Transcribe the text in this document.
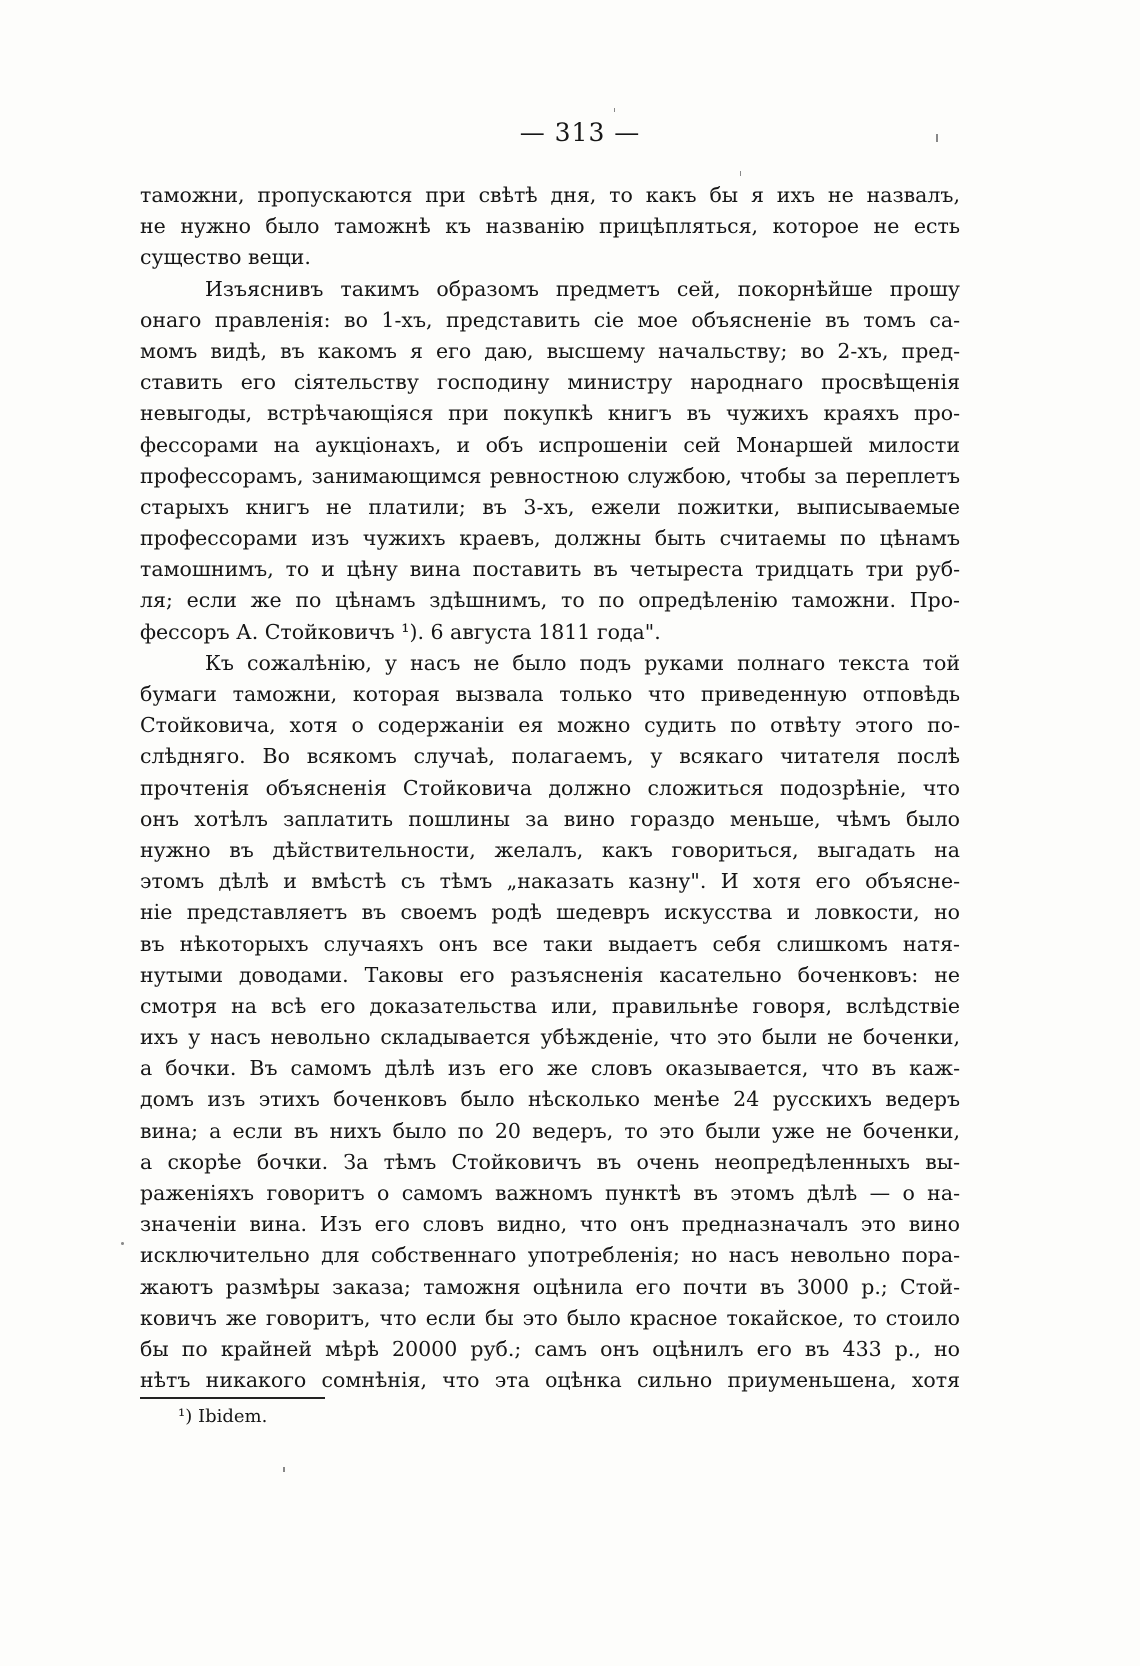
— 313 —
таможни, пропускаются при свѣтѣ дня, то какъ бы я ихъ не назвалъ,
не нужно было таможнѣ къ названію прицѣпляться, которое не есть
существо вещи.
Изъяснивъ такимъ образомъ предметъ сей, покорнѣйше прошу
онаго правленія: во 1-хъ, представить сіе мое объясненіе въ томъ са-
момъ видѣ, въ какомъ я его даю, высшему начальству; во 2-хъ, пред-
ставить его сіятельству господину министру народнаго просвѣщенія
невыгоды, встрѣчающіяся при покупкѣ книгъ въ чужихъ краяхъ про-
фессорами на аукціонахъ, и объ испрошеніи сей Монаршей милости
профессорамъ, занимающимся ревностною службою, чтобы за переплетъ
старыхъ книгъ не платили; въ 3-хъ, ежели пожитки, выписываемые
профессорами изъ чужихъ краевъ, должны быть считаемы по цѣнамъ
тамошнимъ, то и цѣну вина поставить въ четыреста тридцать три руб-
ля; если же по цѣнамъ здѣшнимъ, то по опредѣленію таможни. Про-
фессоръ А. Стойковичъ ¹). 6 августа 1811 года".
Къ сожалѣнію, у насъ не было подъ руками полнаго текста той
бумаги таможни, которая вызвала только что приведенную отповѣдь
Стойковича, хотя о содержаніи ея можно судить по отвѣту этого по-
слѣдняго. Во всякомъ случаѣ, полагаемъ, у всякаго читателя послѣ
прочтенія объясненія Стойковича должно сложиться подозрѣніе, что
онъ хотѣлъ заплатить пошлины за вино гораздо меньше, чѣмъ было
нужно въ дѣйствительности, желалъ, какъ говориться, выгадать на
этомъ дѣлѣ и вмѣстѣ съ тѣмъ „наказать казну". И хотя его объясне-
ніе представляетъ въ своемъ родѣ шедевръ искусства и ловкости, но
въ нѣкоторыхъ случаяхъ онъ все таки выдаетъ себя слишкомъ натя-
нутыми доводами. Таковы его разъясненія касательно боченковъ: не
смотря на всѣ его доказательства или, правильнѣе говоря, вслѣдствіе
ихъ у насъ невольно складывается убѣжденіе, что это были не боченки,
а бочки. Въ самомъ дѣлѣ изъ его же словъ оказывается, что въ каж-
домъ изъ этихъ боченковъ было нѣсколько менѣе 24 русскихъ ведеръ
вина; а если въ нихъ было по 20 ведеръ, то это были уже не боченки,
а скорѣе бочки. За тѣмъ Стойковичъ въ очень неопредѣленныхъ вы-
раженіяхъ говоритъ о самомъ важномъ пунктѣ въ этомъ дѣлѣ — о на-
значеніи вина. Изъ его словъ видно, что онъ предназначалъ это вино
исключительно для собственнаго употребленія; но насъ невольно пора-
жаютъ размѣры заказа; таможня оцѣнила его почти въ 3000 р.; Стой-
ковичъ же говоритъ, что если бы это было красное токайское, то стоило
бы по крайней мѣрѣ 20000 руб.; самъ онъ оцѣнилъ его въ 433 р., но
нѣтъ никакого сомнѣнія, что эта оцѣнка сильно приуменьшена, хотя
¹) Ibidem.
